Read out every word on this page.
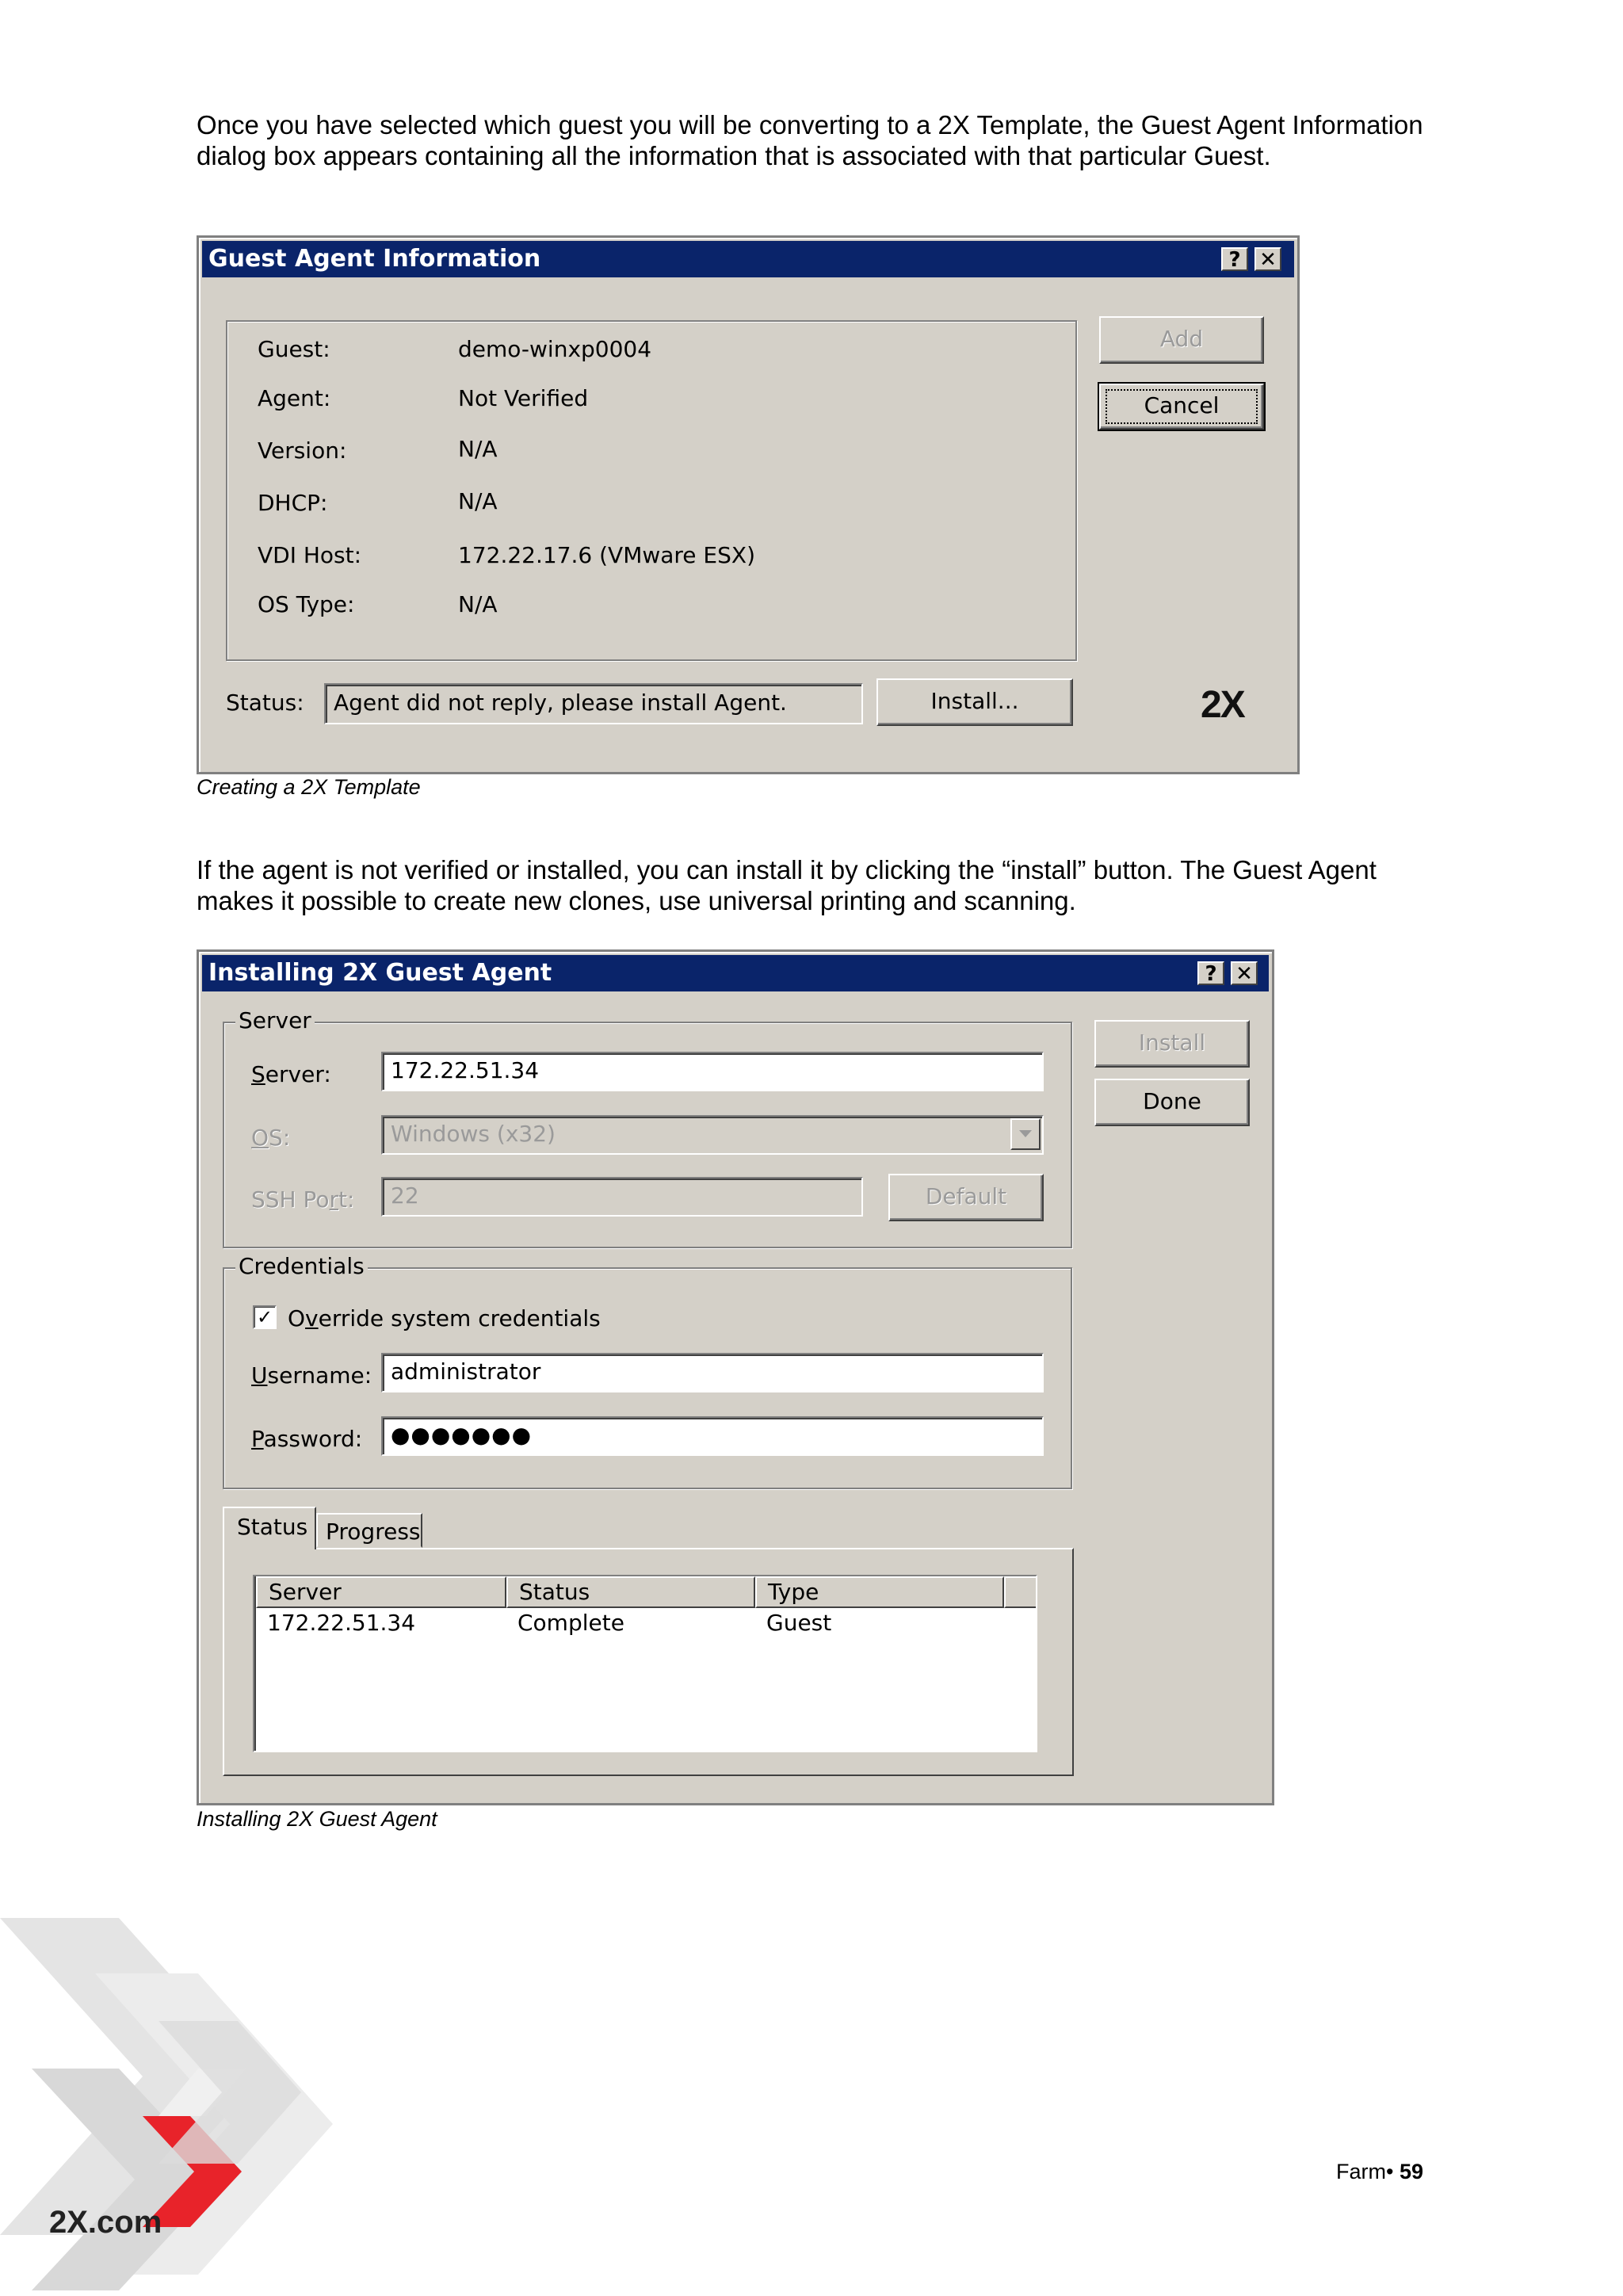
Once you have selected which guest you will be converting to a 2X Template, the Guest Agent Information dialog box appears containing all the information that is associated with that particular Guest.

Guest Agent Information	? ✕
Guest:	demo-winxp0004
Agent:	Not Verified
Version:	N/A
DHCP:	N/A
VDI Host:	172.22.17.6 (VMware ESX)
OS Type:	N/A
Add
Cancel
Status:	Agent did not reply, please install Agent.	Install...	2X
Creating a 2X Template

If the agent is not verified or installed, you can install it by clicking the “install” button. The Guest Agent makes it possible to create new clones, use universal printing and scanning.

Installing 2X Guest Agent	? ✕
Server
Server:	172.22.51.34
OS:	Windows (x32)
SSH Port:	22	Default
Credentials
✓ Override system credentials
Username: administrator
Password:	●●●●●●●
Status Progress
Server	Status	Type
172.22.51.34	Complete	Guest
Install
Done
Installing 2X Guest Agent
2X.com
Farm• 59
